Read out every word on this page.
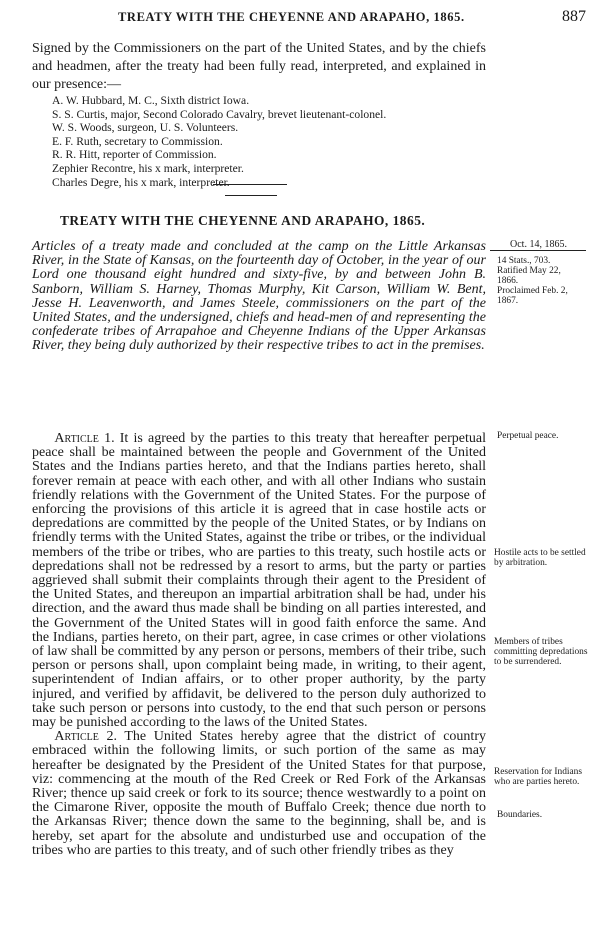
TREATY WITH THE CHEYENNE AND ARAPAHO, 1865.	887
Signed by the Commissioners on the part of the United States, and by the chiefs and headmen, after the treaty had been fully read, interpreted, and explained in our presence:—
A. W. Hubbard, M. C., Sixth district Iowa.
S. S. Curtis, major, Second Colorado Cavalry, brevet lieutenant-colonel.
W. S. Woods, surgeon, U. S. Volunteers.
E. F. Ruth, secretary to Commission.
R. R. Hitt, reporter of Commission.
Zephier Recontre, his x mark, interpreter.
Charles Degre, his x mark, interpreter.
TREATY WITH THE CHEYENNE AND ARAPAHO, 1865.
Articles of a treaty made and concluded at the camp on the Little Arkansas River, in the State of Kansas, on the fourteenth day of October, in the year of our Lord one thousand eight hundred and sixty-five, by and between John B. Sanborn, William S. Harney, Thomas Murphy, Kit Carson, William W. Bent, Jesse H. Leavenworth, and James Steele, commissioners on the part of the United States, and the undersigned, chiefs and head-men of and representing the confederate tribes of Arrapahoe and Cheyenne Indians of the Upper Arkansas River, they being duly authorized by their respective tribes to act in the premises.

Article 1. It is agreed by the parties to this treaty that hereafter perpetual peace shall be maintained between the people and Government of the United States and the Indians parties hereto, and that the Indians parties hereto, shall forever remain at peace with each other, and with all other Indians who sustain friendly relations with the Government of the United States. For the purpose of enforcing the provisions of this article it is agreed that in case hostile acts or depredations are committed by the people of the United States, or by Indians on friendly terms with the United States, against the tribe or tribes, or the individual members of the tribe or tribes, who are parties to this treaty, such hostile acts or depredations shall not be redressed by a resort to arms, but the party or parties aggrieved shall submit their complaints through their agent to the President of the United States, and thereupon an impartial arbitration shall be had, under his direction, and the award thus made shall be binding on all parties interested, and the Government of the United States will in good faith enforce the same. And the Indians, parties hereto, on their part, agree, in case crimes or other violations of law shall be committed by any person or persons, members of their tribe, such person or persons shall, upon complaint being made, in writing, to their agent, superintendent of Indian affairs, or to other proper authority, by the party injured, and verified by affidavit, be delivered to the person duly authorized to take such person or persons into custody, to the end that such person or persons may be punished according to the laws of the United States.

Article 2. The United States hereby agree that the district of country embraced within the following limits, or such portion of the same as may hereafter be designated by the President of the United States for that purpose, viz: commencing at the mouth of the Red Creek or Red Fork of the Arkansas River; thence up said creek or fork to its source; thence westwardly to a point on the Cimarone River, opposite the mouth of Buffalo Creek; thence due north to the Arkansas River; thence down the same to the beginning, shall be, and is hereby, set apart for the absolute and undisturbed use and occupation of the tribes who are parties to this treaty, and of such other friendly tribes as they

Oct. 14, 1865.
14 Stats., 703.
Ratified May 22,
1866.
Proclaimed Feb. 2,
1867.
Perpetual peace.
Hostile acts to be settled by arbitration.
Members of tribes committing depredations to be surrendered.
Reservation for Indians who are parties hereto.
Boundaries.
